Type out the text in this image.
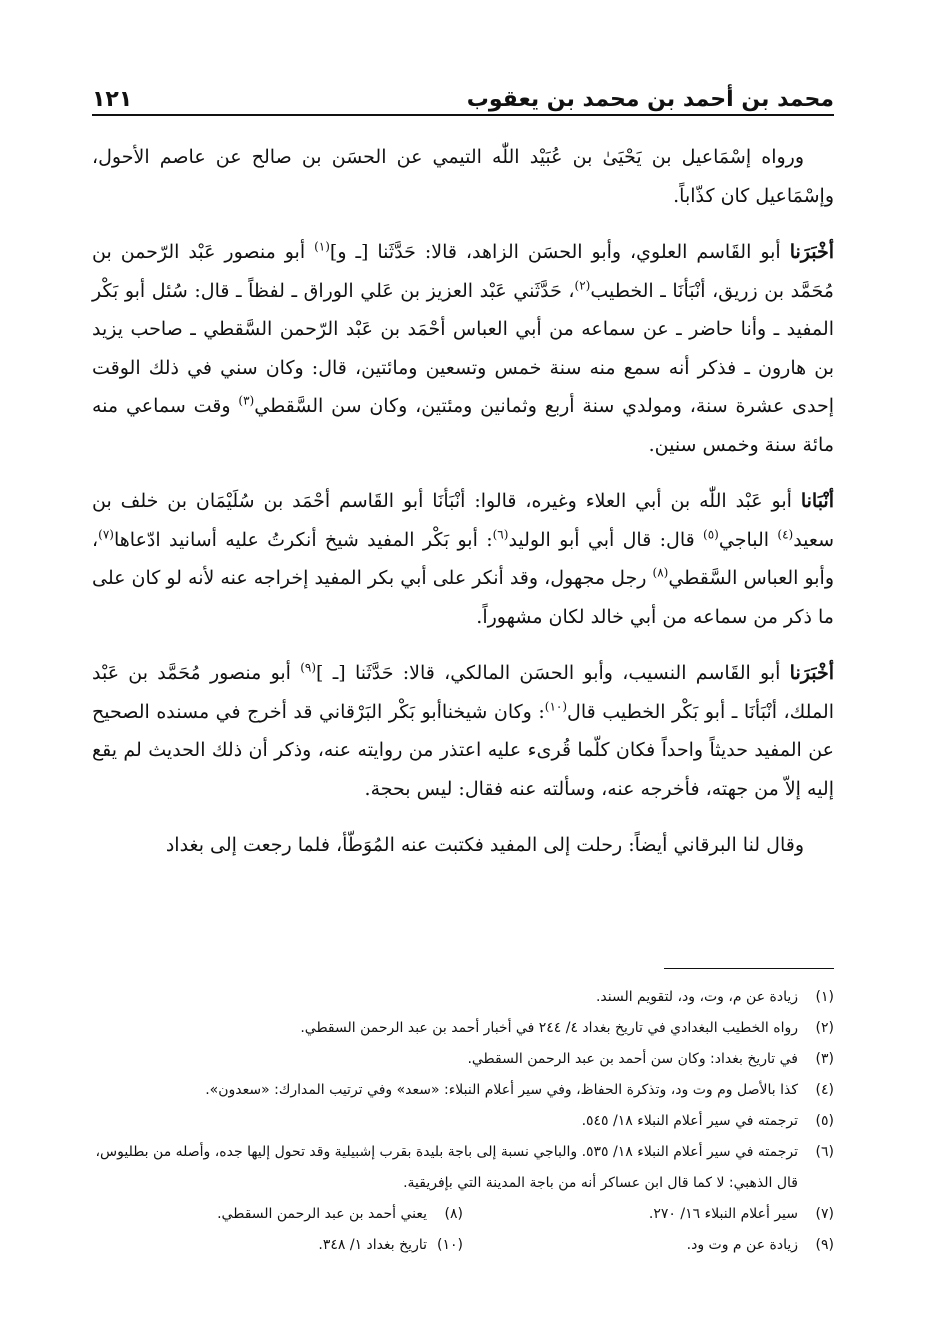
محمد بن أحمد بن محمد بن يعقوب
١٢١

ورواه إسْمَاعيل بن يَحْيَىٰ بن عُبَيْد اللّٰه التيمي عن الحسَن بن صالح عن عاصم الأحول، وإسْمَاعيل كان كذّاباً.

أخْبَرَنا أبو القَاسم العلوي، وأبو الحسَن الزاهد، قالا: حَدَّثَنا [ـ و]$^{(١)}$ أبو منصور عَبْد الرّحمن بن مُحَمَّد بن زريق، أنْبَأنَا ـ الخطيب$^{(٢)}$، حَدَّثَني عَبْد العزيز بن عَلي الوراق ـ لفظاً ـ قال: سُئل أبو بَكْر المفيد ـ وأنا حاضر ـ عن سماعه من أبي العباس أحْمَد بن عَبْد الرّحمن السَّقطي ـ صاحب يزيد بن هارون ـ فذكر أنه سمع منه سنة خمس وتسعين ومائتين، قال: وكان سني في ذلك الوقت إحدى عشرة سنة، ومولدي سنة أربع وثمانين ومئتين، وكان سن السَّقطي$^{(٣)}$ وقت سماعي منه مائة سنة وخمس سنين.

أنْبَانا أبو عَبْد اللّٰه بن أبي العلاء وغيره، قالوا: أنْبَأنَا أبو القَاسم أحْمَد بن سُلَيْمَان بن خلف بن سعيد$^{(٤)}$ الباجي$^{(٥)}$ قال: قال أبي أبو الوليد$^{(٦)}$: أبو بَكْر المفيد شيخ أنكرتُ عليه أسانيد ادّعاها$^{(٧)}$، وأبو العباس السَّقطي$^{(٨)}$ رجل مجهول، وقد أنكر على أبي بكر المفيد إخراجه عنه لأنه لو كان على ما ذكر من سماعه من أبي خالد لكان مشهوراً.

أخْبَرَنا أبو القَاسم النسيب، وأبو الحسَن المالكي، قالا: حَدَّثَنا [ـ ]$^{(٩)}$ أبو منصور مُحَمَّد بن عَبْد الملك، أنْبَأنَا ـ أبو بَكْر الخطيب قال$^{(١٠)}$: وكان شيخناأبو بَكْر البَرْقاني قد أخرج في مسنده الصحيح عن المفيد حديثاً واحداً فكان كلّما قُرىء عليه اعتذر من روايته عنه، وذكر أن ذلك الحديث لم يقع إليه إلاّ من جهته، فأخرجه عنه، وسألته عنه فقال: ليس بحجة.

وقال لنا البرقاني أيضاً: رحلت إلى المفيد فكتبت عنه المُوَطّأ، فلما رجعت إلى بغداد

(١)
زيادة عن م، وت، ود، لتقويم السند.
(٢)
رواه الخطيب البغدادي في تاريخ بغداد ٤/ ٢٤٤ في أخبار أحمد بن عبد الرحمن السقطي.
(٣)
في تاريخ بغداد: وكان سن أحمد بن عبد الرحمن السقطي.
(٤)
كذا بالأصل وم وت ود، وتذكرة الحفاظ، وفي سير أعلام النبلاء: «سعد» وفي ترتيب المدارك: «سعدون».
(٥)
ترجمته في سير أعلام النبلاء ١٨/ ٥٤٥.
(٦)
ترجمته في سير أعلام النبلاء ١٨/ ٥٣٥. والباجي نسبة إلى باجة بليدة بقرب إشبيلية وقد تحول إليها جده، وأصله من بطليوس، قال الذهبي: لا كما قال ابن عساكر أنه من باجة المدينة التي بإفريقية.
(٧)
سير أعلام النبلاء ١٦/ ٢٧٠.
(٨)
يعني أحمد بن عبد الرحمن السقطي.
(٩)
زيادة عن م وت ود.
(١٠)
تاريخ بغداد ١/ ٣٤٨.
